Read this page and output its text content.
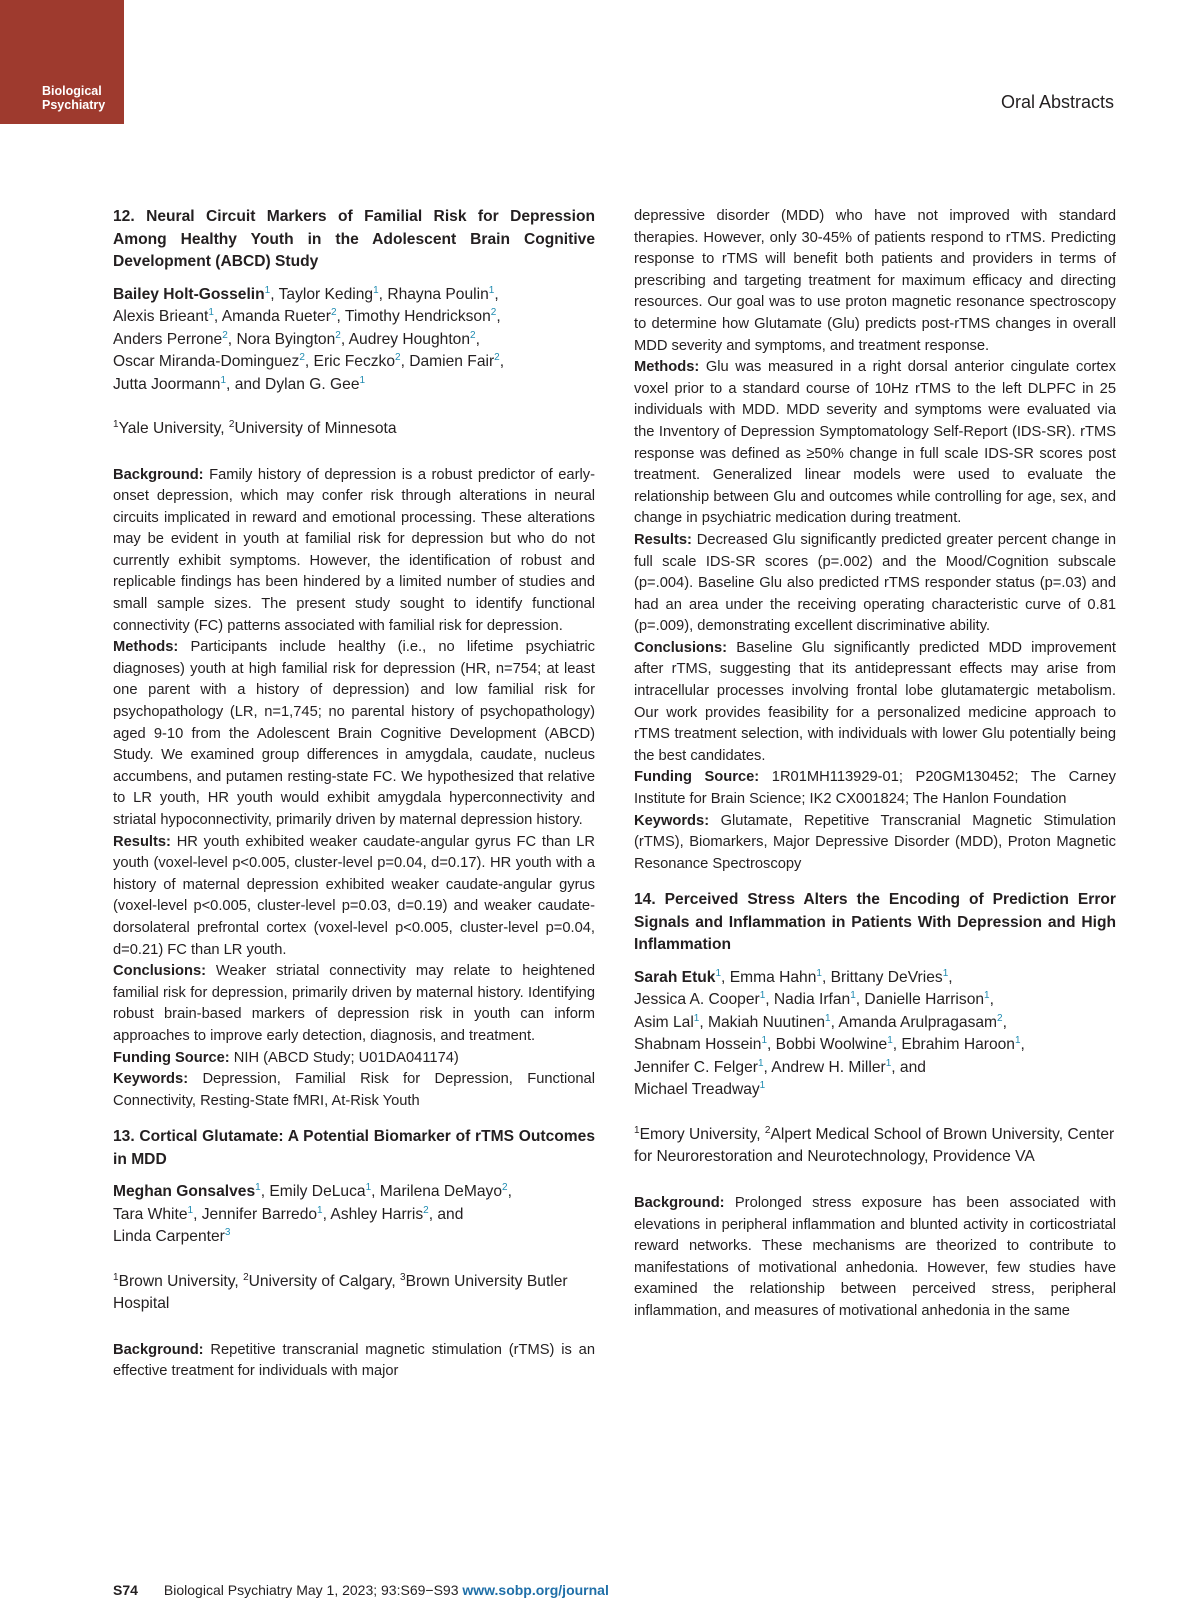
Biological
Psychiatry	Oral Abstracts
12. Neural Circuit Markers of Familial Risk for Depression Among Healthy Youth in the Adolescent Brain Cognitive Development (ABCD) Study

Bailey Holt-Gosselin$^1$, Taylor Keding$^1$, Rhayna Poulin$^1$,
Alexis Brieant$^1$, Amanda Rueter$^2$, Timothy Hendrickson$^2$,
Anders Perrone$^2$, Nora Byington$^2$, Audrey Houghton$^2$,
Oscar Miranda-Dominguez$^2$, Eric Feczko$^2$, Damien Fair$^2$,
Jutta Joormann$^1$, and Dylan G. Gee$^1$

$^1$Yale University, $^2$University of Minnesota

Background: Family history of depression is a robust predictor of early-onset depression, which may confer risk through alterations in neural circuits implicated in reward and emotional processing. These alterations may be evident in youth at familial risk for depression but who do not currently exhibit symptoms. However, the identification of robust and replicable findings has been hindered by a limited number of studies and small sample sizes. The present study sought to identify functional connectivity (FC) patterns associated with familial risk for depression.

Methods: Participants include healthy (i.e., no lifetime psychiatric diagnoses) youth at high familial risk for depression (HR, n=754; at least one parent with a history of depression) and low familial risk for psychopathology (LR, n=1,745; no parental history of psychopathology) aged 9-10 from the Adolescent Brain Cognitive Development (ABCD) Study. We examined group differences in amygdala, caudate, nucleus accumbens, and putamen resting-state FC. We hypothesized that relative to LR youth, HR youth would exhibit amygdala hyperconnectivity and striatal hypoconnectivity, primarily driven by maternal depression history.

Results: HR youth exhibited weaker caudate-angular gyrus FC than LR youth (voxel-level p<0.005, cluster-level p=0.04, d=0.17). HR youth with a history of maternal depression exhibited weaker caudate-angular gyrus (voxel-level p<0.005, cluster-level p=0.03, d=0.19) and weaker caudate-dorsolateral prefrontal cortex (voxel-level p<0.005, cluster-level p=0.04, d=0.21) FC than LR youth.

Conclusions: Weaker striatal connectivity may relate to heightened familial risk for depression, primarily driven by maternal history. Identifying robust brain-based markers of depression risk in youth can inform approaches to improve early detection, diagnosis, and treatment.

Funding Source: NIH (ABCD Study; U01DA041174)

Keywords: Depression, Familial Risk for Depression, Functional Connectivity, Resting-State fMRI, At-Risk Youth

13. Cortical Glutamate: A Potential Biomarker of rTMS Outcomes in MDD

Meghan Gonsalves$^1$, Emily DeLuca$^1$, Marilena DeMayo$^2$,
Tara White$^1$, Jennifer Barredo$^1$, Ashley Harris$^2$, and
Linda Carpenter$^3$

$^1$Brown University, $^2$University of Calgary, $^3$Brown University Butler Hospital

Background: Repetitive transcranial magnetic stimulation (rTMS) is an effective treatment for individuals with major

depressive disorder (MDD) who have not improved with standard therapies. However, only 30-45% of patients respond to rTMS. Predicting response to rTMS will benefit both patients and providers in terms of prescribing and targeting treatment for maximum efficacy and directing resources. Our goal was to use proton magnetic resonance spectroscopy to determine how Glutamate (Glu) predicts post-rTMS changes in overall MDD severity and symptoms, and treatment response.

Methods: Glu was measured in a right dorsal anterior cingulate cortex voxel prior to a standard course of 10Hz rTMS to the left DLPFC in 25 individuals with MDD. MDD severity and symptoms were evaluated via the Inventory of Depression Symptomatology Self-Report (IDS-SR). rTMS response was defined as ≥50% change in full scale IDS-SR scores post treatment. Generalized linear models were used to evaluate the relationship between Glu and outcomes while controlling for age, sex, and change in psychiatric medication during treatment.

Results: Decreased Glu significantly predicted greater percent change in full scale IDS-SR scores (p=.002) and the Mood/Cognition subscale (p=.004). Baseline Glu also predicted rTMS responder status (p=.03) and had an area under the receiving operating characteristic curve of 0.81 (p=.009), demonstrating excellent discriminative ability.

Conclusions: Baseline Glu significantly predicted MDD improvement after rTMS, suggesting that its antidepressant effects may arise from intracellular processes involving frontal lobe glutamatergic metabolism. Our work provides feasibility for a personalized medicine approach to rTMS treatment selection, with individuals with lower Glu potentially being the best candidates.

Funding Source: 1R01MH113929-01; P20GM130452; The Carney Institute for Brain Science; IK2 CX001824; The Hanlon Foundation

Keywords: Glutamate, Repetitive Transcranial Magnetic Stimulation (rTMS), Biomarkers, Major Depressive Disorder (MDD), Proton Magnetic Resonance Spectroscopy

14. Perceived Stress Alters the Encoding of Prediction Error Signals and Inflammation in Patients With Depression and High Inflammation

Sarah Etuk$^1$, Emma Hahn$^1$, Brittany DeVries$^1$,
Jessica A. Cooper$^1$, Nadia Irfan$^1$, Danielle Harrison$^1$,
Asim Lal$^1$, Makiah Nuutinen$^1$, Amanda Arulpragasam$^2$,
Shabnam Hossein$^1$, Bobbi Woolwine$^1$, Ebrahim Haroon$^1$,
Jennifer C. Felger$^1$, Andrew H. Miller$^1$, and
Michael Treadway$^1$

$^1$Emory University, $^2$Alpert Medical School of Brown University, Center for Neurorestoration and Neurotechnology, Providence VA

Background: Prolonged stress exposure has been associated with elevations in peripheral inflammation and blunted activity in corticostriatal reward networks. These mechanisms are theorized to contribute to manifestations of motivational anhedonia. However, few studies have examined the relationship between perceived stress, peripheral inflammation, and measures of motivational anhedonia in the same

S74 Biological Psychiatry May 1, 2023; 93:S69−S93 www.sobp.org/journal
